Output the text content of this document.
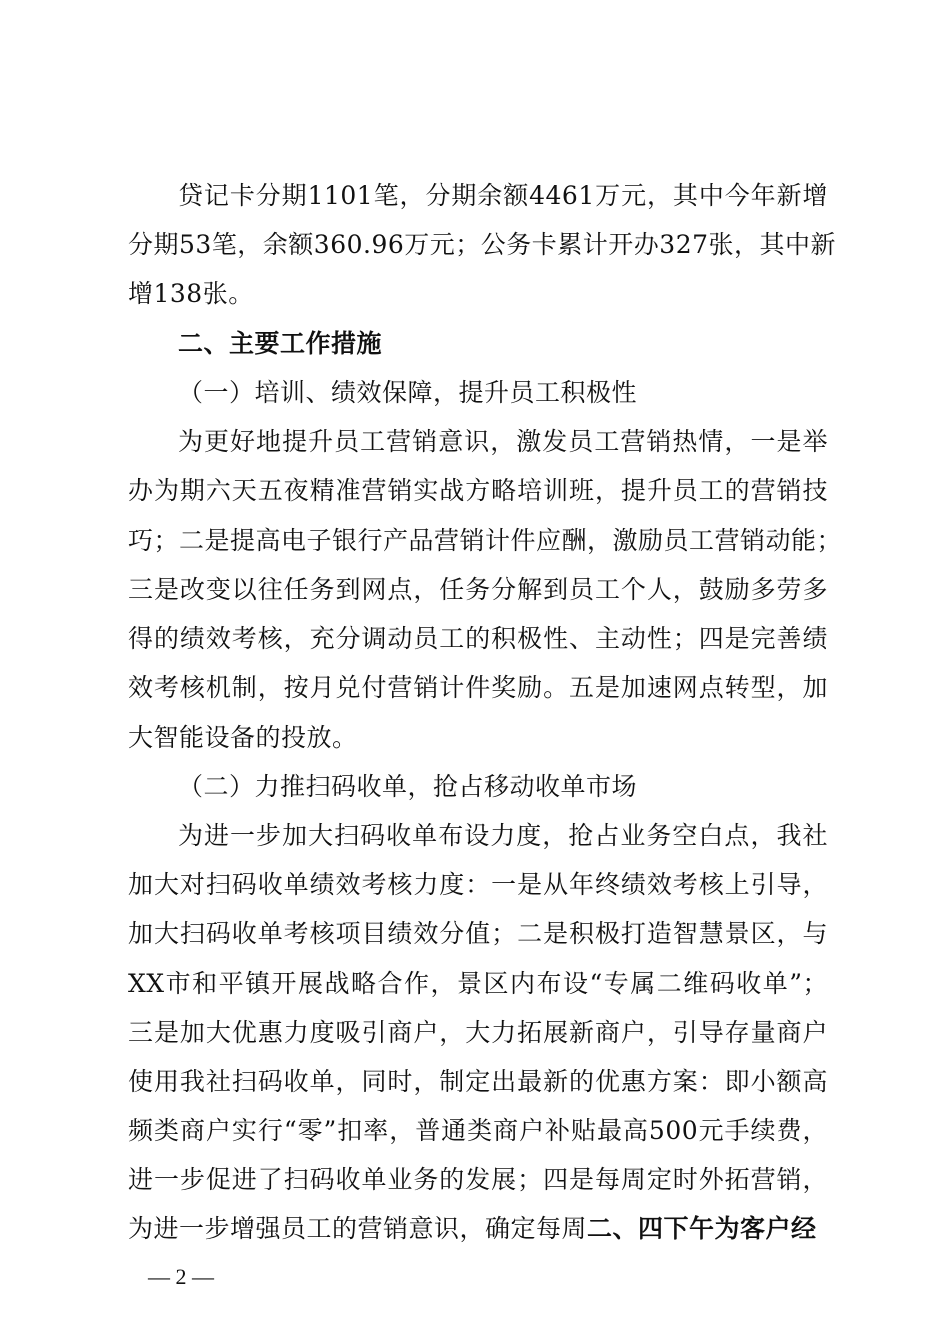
贷记卡分期1101笔，分期余额4461万元，其中今年新增
分期53笔，余额360.96万元；公务卡累计开办327张，其中新
增138张。
二、主要工作措施
（一）培训、绩效保障，提升员工积极性
为更好地提升员工营销意识，激发员工营销热情，一是举
办为期六天五夜精准营销实战方略培训班，提升员工的营销技
巧；二是提高电子银行产品营销计件应酬，激励员工营销动能；
三是改变以往任务到网点，任务分解到员工个人，鼓励多劳多
得的绩效考核，充分调动员工的积极性、主动性；四是完善绩
效考核机制，按月兑付营销计件奖励。五是加速网点转型，加
大智能设备的投放。
（二）力推扫码收单，抢占移动收单市场
为进一步加大扫码收单布设力度，抢占业务空白点，我社
加大对扫码收单绩效考核力度：一是从年终绩效考核上引导，
加大扫码收单考核项目绩效分值；二是积极打造智慧景区，与
XX市和平镇开展战略合作，景区内布设“专属二维码收单”；
三是加大优惠力度吸引商户，大力拓展新商户，引导存量商户
使用我社扫码收单，同时，制定出最新的优惠方案：即小额高
频类商户实行“零”扣率，普通类商户补贴最高500元手续费，
进一步促进了扫码收单业务的发展；四是每周定时外拓营销，
为进一步增强员工的营销意识，确定每周二、四下午为客户经
— 2 —
